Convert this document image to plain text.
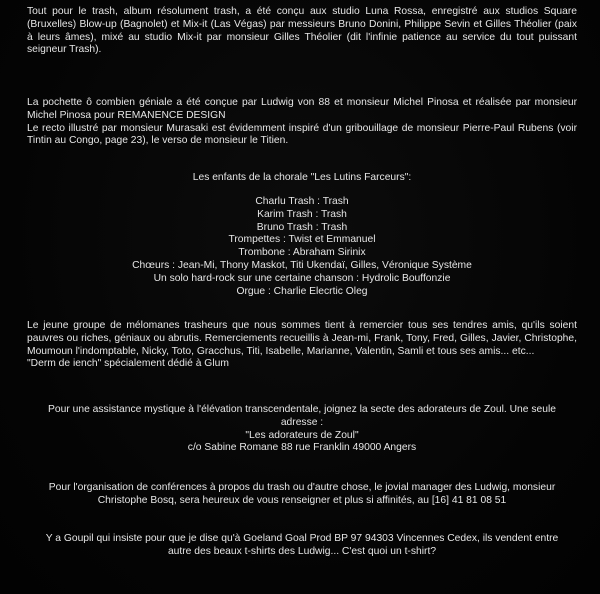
Tout pour le trash, album résolument trash, a été conçu aux studio Luna Rossa, enregistré aux studios Square (Bruxelles) Blow-up (Bagnolet) et Mix-it (Las Végas) par messieurs Bruno Donini, Philippe Sevin et Gilles Théolier (paix à leurs âmes), mixé au studio Mix-it par monsieur Gilles Théolier (dit l'infinie patience au service du tout puissant seigneur Trash).

La pochette ô combien géniale a été conçue par Ludwig von 88 et monsieur Michel Pinosa et réalisée par monsieur Michel Pinosa pour REMANENCE DESIGN

Le recto illustré par monsieur Murasaki est évidemment inspiré d'un gribouillage de monsieur Pierre-Paul Rubens (voir Tintin au Congo, page 23), le verso de monsieur le Titien.

Les enfants de la chorale "Les Lutins Farceurs":
Charlu Trash : Trash
Karim Trash : Trash
Bruno Trash : Trash
Trompettes : Twist et Emmanuel
Trombone : Abraham Sirinix
Chœurs : Jean-Mi, Thony Maskot, Titi Ukendaï, Gilles, Véronique Système
Un solo hard-rock sur une certaine chanson : Hydrolic Bouffonzie
Orgue : Charlie Elecrtic Oleg

Le jeune groupe de mélomanes trasheurs que nous sommes tient à remercier tous ses tendres amis, qu'ils soient pauvres ou riches, géniaux ou abrutis. Remerciements recueillis à Jean-mi, Frank, Tony, Fred, Gilles, Javier, Christophe, Moumoun l'indomptable, Nicky, Toto, Gracchus, Titi, Isabelle, Marianne, Valentin, Samli et tous ses amis... etc...

"Derm de iench" spécialement dédié à Glum

Pour une assistance mystique à l'élévation transcendentale, joignez la secte des adorateurs de Zoul. Une seule
adresse :
"Les adorateurs de Zoul"
c/o Sabine Romane 88 rue Franklin 49000 Angers
Pour l'organisation de conférences à propos du trash ou d'autre chose, le jovial manager des Ludwig, monsieur
Christophe Bosq, sera heureux de vous renseigner et plus si affinités, au [16] 41 81 08 51
Y a Goupil qui insiste pour que je dise qu'à Goeland Goal Prod BP 97 94303 Vincennes Cedex, ils vendent entre
autre des beaux t-shirts des Ludwig... C'est quoi un t-shirt?
